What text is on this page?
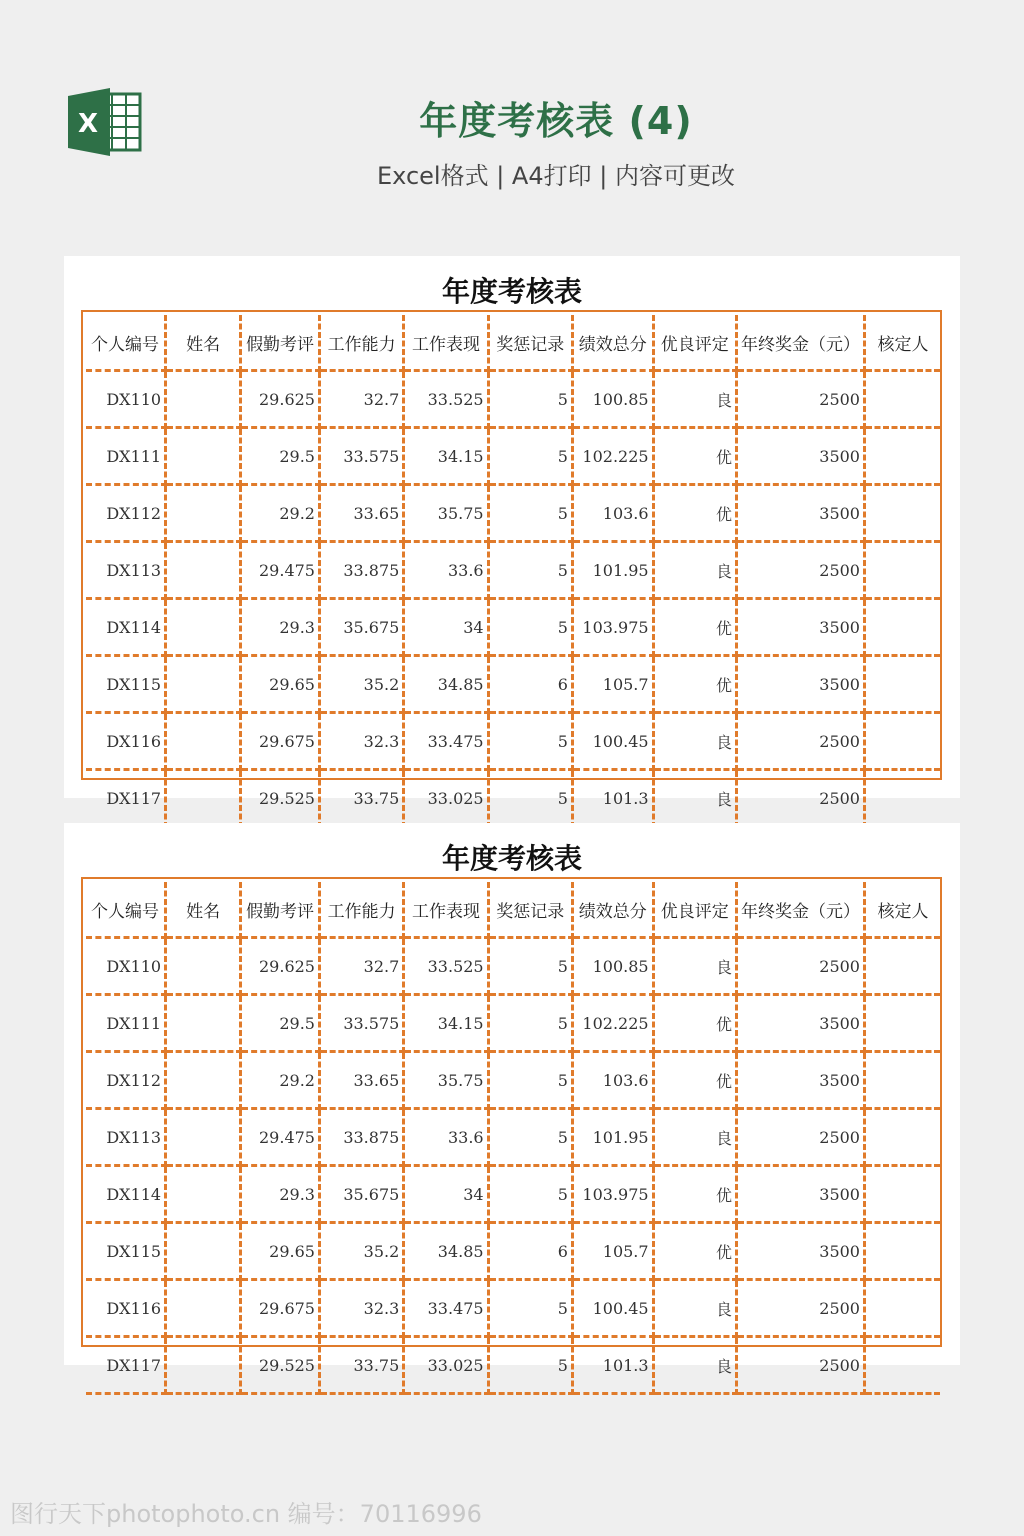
X	年度考核表 (4)
Excel格式 | A4打印 | 内容可更改
年度考核表
个人编号	姓名	假勤考评	工作能力	工作表现	奖惩记录	绩效总分	优良评定	年终奖金（元）	核定人
DX110		29.625	32.7	33.525	5	100.85	良	2500	
DX111		29.5	33.575	34.15	5	102.225	优	3500	
DX112		29.2	33.65	35.75	5	103.6	优	3500	
DX113		29.475	33.875	33.6	5	101.95	良	2500	
DX114		29.3	35.675	34	5	103.975	优	3500	
DX115		29.65	35.2	34.85	6	105.7	优	3500	
DX116		29.675	32.3	33.475	5	100.45	良	2500	
DX117		29.525	33.75	33.025	5	101.3	良	2500	
年度考核表
个人编号	姓名	假勤考评	工作能力	工作表现	奖惩记录	绩效总分	优良评定	年终奖金（元）	核定人
DX110		29.625	32.7	33.525	5	100.85	良	2500	
DX111		29.5	33.575	34.15	5	102.225	优	3500	
DX112		29.2	33.65	35.75	5	103.6	优	3500	
DX113		29.475	33.875	33.6	5	101.95	良	2500	
DX114		29.3	35.675	34	5	103.975	优	3500	
DX115		29.65	35.2	34.85	6	105.7	优	3500	
DX116		29.675	32.3	33.475	5	100.45	良	2500	
DX117		29.525	33.75	33.025	5	101.3	良	2500	
图行天下photophoto.cn 编号：70116996
